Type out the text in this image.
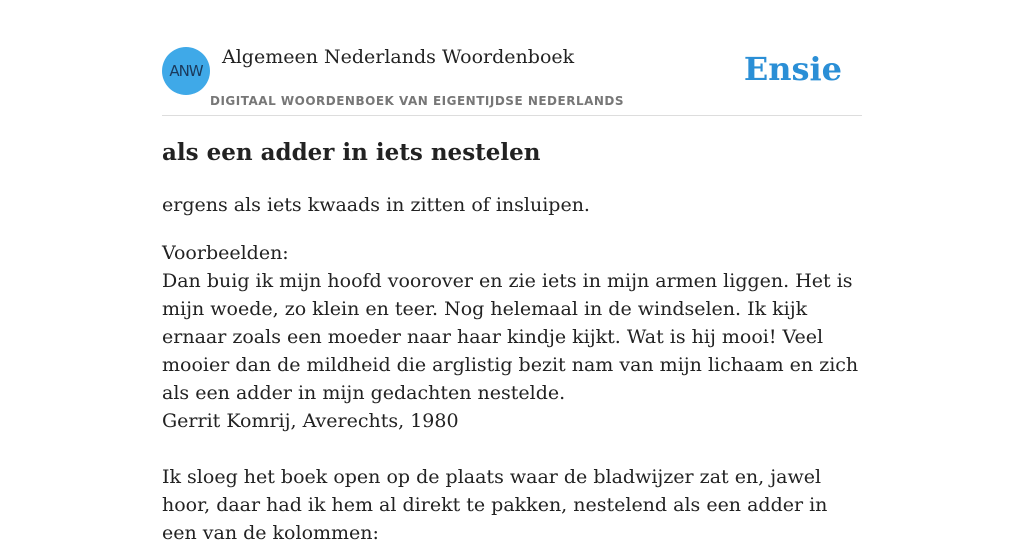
ANW
Algemeen Nederlands Woordenboek
DIGITAAL WOORDENBOEK VAN EIGENTIJDSE NEDERLANDS
Ensie
als een adder in iets nestelen
ergens als iets kwaads in zitten of insluipen.

Voorbeelden:

Dan buig ik mijn hoofd voorover en zie iets in mijn armen liggen. Het is mijn woede, zo klein en teer. Nog helemaal in de windselen. Ik kijk ernaar zoals een moeder naar haar kindje kijkt. Wat is hij mooi! Veel mooier dan de mildheid die arglistig bezit nam van mijn lichaam en zich als een adder in mijn gedachten nestelde.

Gerrit Komrij, Averechts, 1980

Ik sloeg het boek open op de plaats waar de bladwijzer zat en, jawel hoor, daar had ik hem al direkt te pakken, nestelend als een adder in een van de kolommen:
